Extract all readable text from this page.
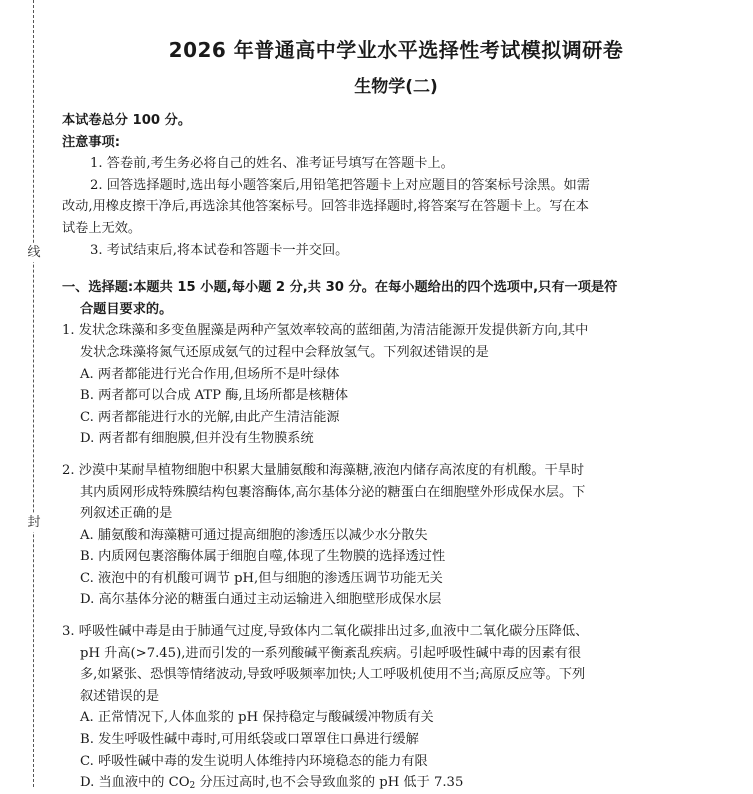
线
封
2026 年普通高中学业水平选择性考试模拟调研卷
生物学(二)
本试卷总分 100 分。
注意事项:
1. 答卷前,考生务必将自己的姓名、准考证号填写在答题卡上。
2. 回答选择题时,选出每小题答案后,用铅笔把答题卡上对应题目的答案标号涂黑。如需
改动,用橡皮擦干净后,再选涂其他答案标号。回答非选择题时,将答案写在答题卡上。写在本
试卷上无效。
3. 考试结束后,将本试卷和答题卡一并交回。
一、选择题:本题共 15 小题,每小题 2 分,共 30 分。在每小题给出的四个选项中,只有一项是符
合题目要求的。
1. 发状念珠藻和多变鱼腥藻是两种产氢效率较高的蓝细菌,为清洁能源开发提供新方向,其中
发状念珠藻将氮气还原成氨气的过程中会释放氢气。下列叙述错误的是
A. 两者都能进行光合作用,但场所不是叶绿体
B. 两者都可以合成 ATP 酶,且场所都是核糖体
C. 两者都能进行水的光解,由此产生清洁能源
D. 两者都有细胞膜,但并没有生物膜系统
2. 沙漠中某耐旱植物细胞中积累大量脯氨酸和海藻糖,液泡内储存高浓度的有机酸。干旱时
其内质网形成特殊膜结构包裹溶酶体,高尔基体分泌的糖蛋白在细胞壁外形成保水层。下
列叙述正确的是
A. 脯氨酸和海藻糖可通过提高细胞的渗透压以减少水分散失
B. 内质网包裹溶酶体属于细胞自噬,体现了生物膜的选择透过性
C. 液泡中的有机酸可调节 pH,但与细胞的渗透压调节功能无关
D. 高尔基体分泌的糖蛋白通过主动运输进入细胞壁形成保水层
3. 呼吸性碱中毒是由于肺通气过度,导致体内二氧化碳排出过多,血液中二氧化碳分压降低、
pH 升高(>7.45),进而引发的一系列酸碱平衡紊乱疾病。引起呼吸性碱中毒的因素有很
多,如紧张、恐惧等情绪波动,导致呼吸频率加快;人工呼吸机使用不当;高原反应等。下列
叙述错误的是
A. 正常情况下,人体血浆的 pH 保持稳定与酸碱缓冲物质有关
B. 发生呼吸性碱中毒时,可用纸袋或口罩罩住口鼻进行缓解
C. 呼吸性碱中毒的发生说明人体维持内环境稳态的能力有限
D. 当血液中的 $CO_2$ 分压过高时,也不会导致血浆的 pH 低于 7.35
